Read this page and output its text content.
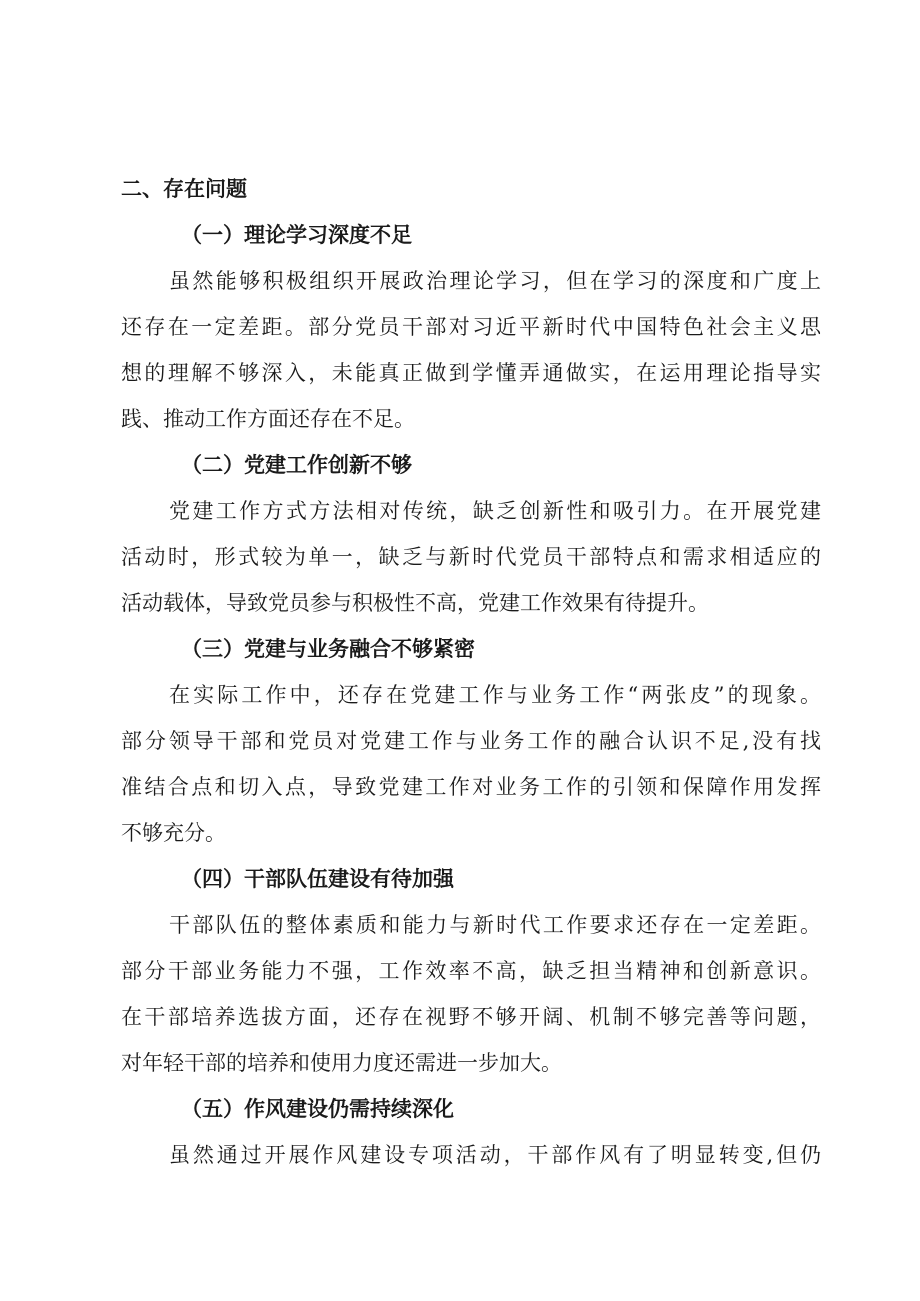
二、存在问题
（一）理论学习深度不足
虽然能够积极组织开展政治理论学习，但在学习的深度和广度上
还存在一定差距。部分党员干部对习近平新时代中国特色社会主义思
想的理解不够深入，未能真正做到学懂弄通做实，在运用理论指导实
践、推动工作方面还存在不足。
（二）党建工作创新不够
党建工作方式方法相对传统，缺乏创新性和吸引力。在开展党建
活动时，形式较为单一，缺乏与新时代党员干部特点和需求相适应的
活动载体，导致党员参与积极性不高，党建工作效果有待提升。
（三）党建与业务融合不够紧密
在实际工作中，还存在党建工作与业务工作“两张皮”的现象。
部分领导干部和党员对党建工作与业务工作的融合认识不足,没有找
准结合点和切入点，导致党建工作对业务工作的引领和保障作用发挥
不够充分。
（四）干部队伍建设有待加强
干部队伍的整体素质和能力与新时代工作要求还存在一定差距。
部分干部业务能力不强，工作效率不高，缺乏担当精神和创新意识。
在干部培养选拔方面，还存在视野不够开阔、机制不够完善等问题，
对年轻干部的培养和使用力度还需进一步加大。
（五）作风建设仍需持续深化
虽然通过开展作风建设专项活动，干部作风有了明显转变,但仍
